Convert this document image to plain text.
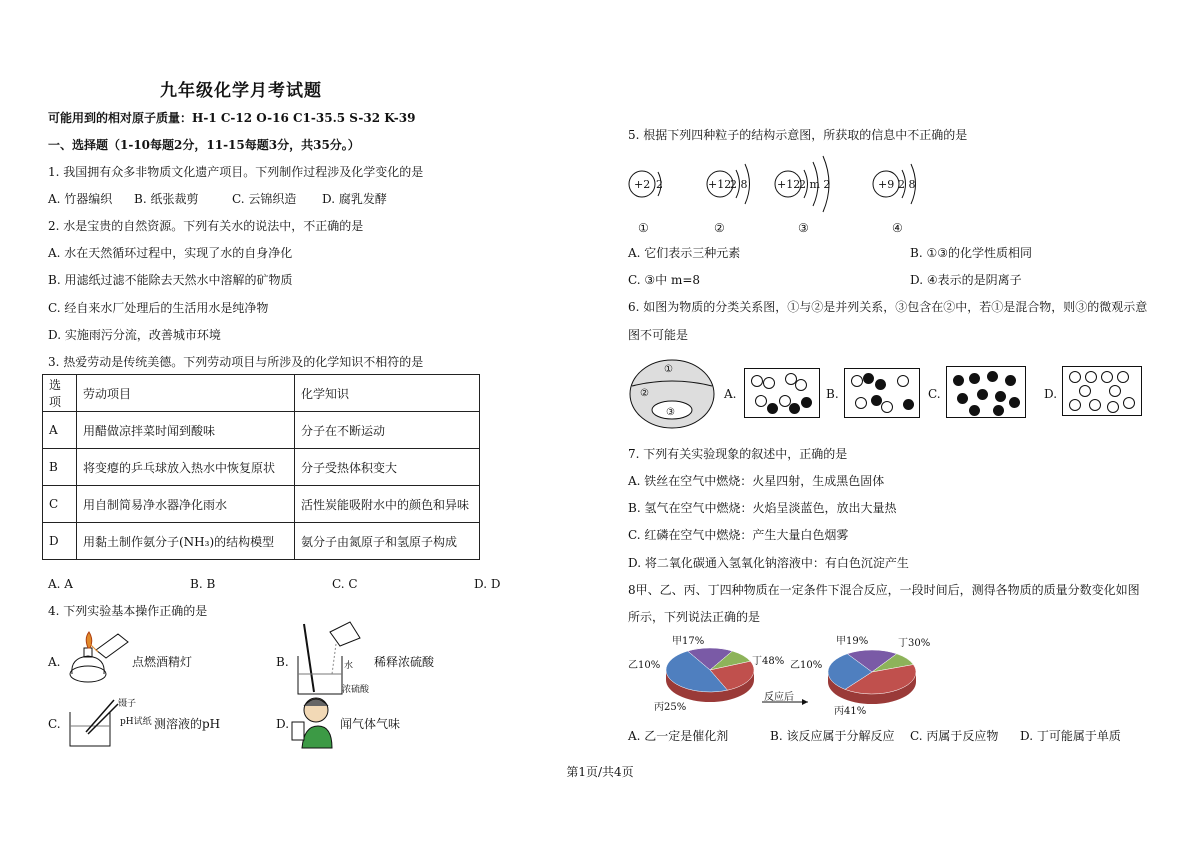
九年级化学月考试题
可能用到的相对原子质量：H-1 C-12 O-16 C1-35.5 S-32 K-39
一、选择题（1-10每题2分，11-15每题3分，共35分。）
1. 我国拥有众多非物质文化遗产项目。下列制作过程涉及化学变化的是
A. 竹器编织 B. 纸张裁剪	C. 云锦织造 D. 腐乳发酵
2. 水是宝贵的自然资源。下列有关水的说法中，不正确的是
A. 水在天然循环过程中，实现了水的自身净化
B. 用滤纸过滤不能除去天然水中溶解的矿物质
C. 经自来水厂处理后的生活用水是纯净物
D. 实施雨污分流，改善城市环境
3. 热爱劳动是传统美德。下列劳动项目与所涉及的化学知识不相符的是
选项	劳动项目	化学知识
A	用醋做凉拌菜时闻到酸味	分子在不断运动
B	将变瘪的乒乓球放入热水中恢复原状	分子受热体积变大
C	用自制简易净水器净化雨水	活性炭能吸附水中的颜色和异味
D	用黏土制作氨分子(NH₃)的结构模型	氨分子由氮原子和氢原子构成
A. A	B. B	C. C	D. D
4. 下列实验基本操作正确的是
A.	点燃酒精灯	B.	水
浓硫酸
稀释浓硫酸
C.
镊子
pH试纸 测溶液的pH	D.	闻气体气味
5. 根据下列四种粒子的结构示意图，所获取的信息中不正确的是
+2 2	+12
2 8	+12
2 m 2	+9 2 8
①	②	③	④
A. 它们表示三种元素	B. ①③的化学性质相同
C. ③中 m=8	D. ④表示的是阴离子
6. 如图为物质的分类关系图，①与②是并列关系，③包含在②中，若①是混合物，则③的微观示意
图不可能是
①
②
③
A.	B.	C.	D.
7. 下列有关实验现象的叙述中，正确的是
A. 铁丝在空气中燃烧：火星四射，生成黑色固体
B. 氢气在空气中燃烧：火焰呈淡蓝色，放出大量热
C. 红磷在空气中燃烧：产生大量白色烟雾
D. 将二氧化碳通入氢氧化钠溶液中：有白色沉淀产生
8甲、乙、丙、丁四种物质在一定条件下混合反应，一段时间后，测得各物质的质量分数变化如图
所示，下列说法正确的是
反应后
甲17%
乙10%
丙25%
丁48%
甲19%
乙10%
丙41%
丁30%
A. 乙一定是催化剂	B. 该反应属于分解反应 C. 丙属于反应物 D. 丁可能属于单质
第1页/共4页
